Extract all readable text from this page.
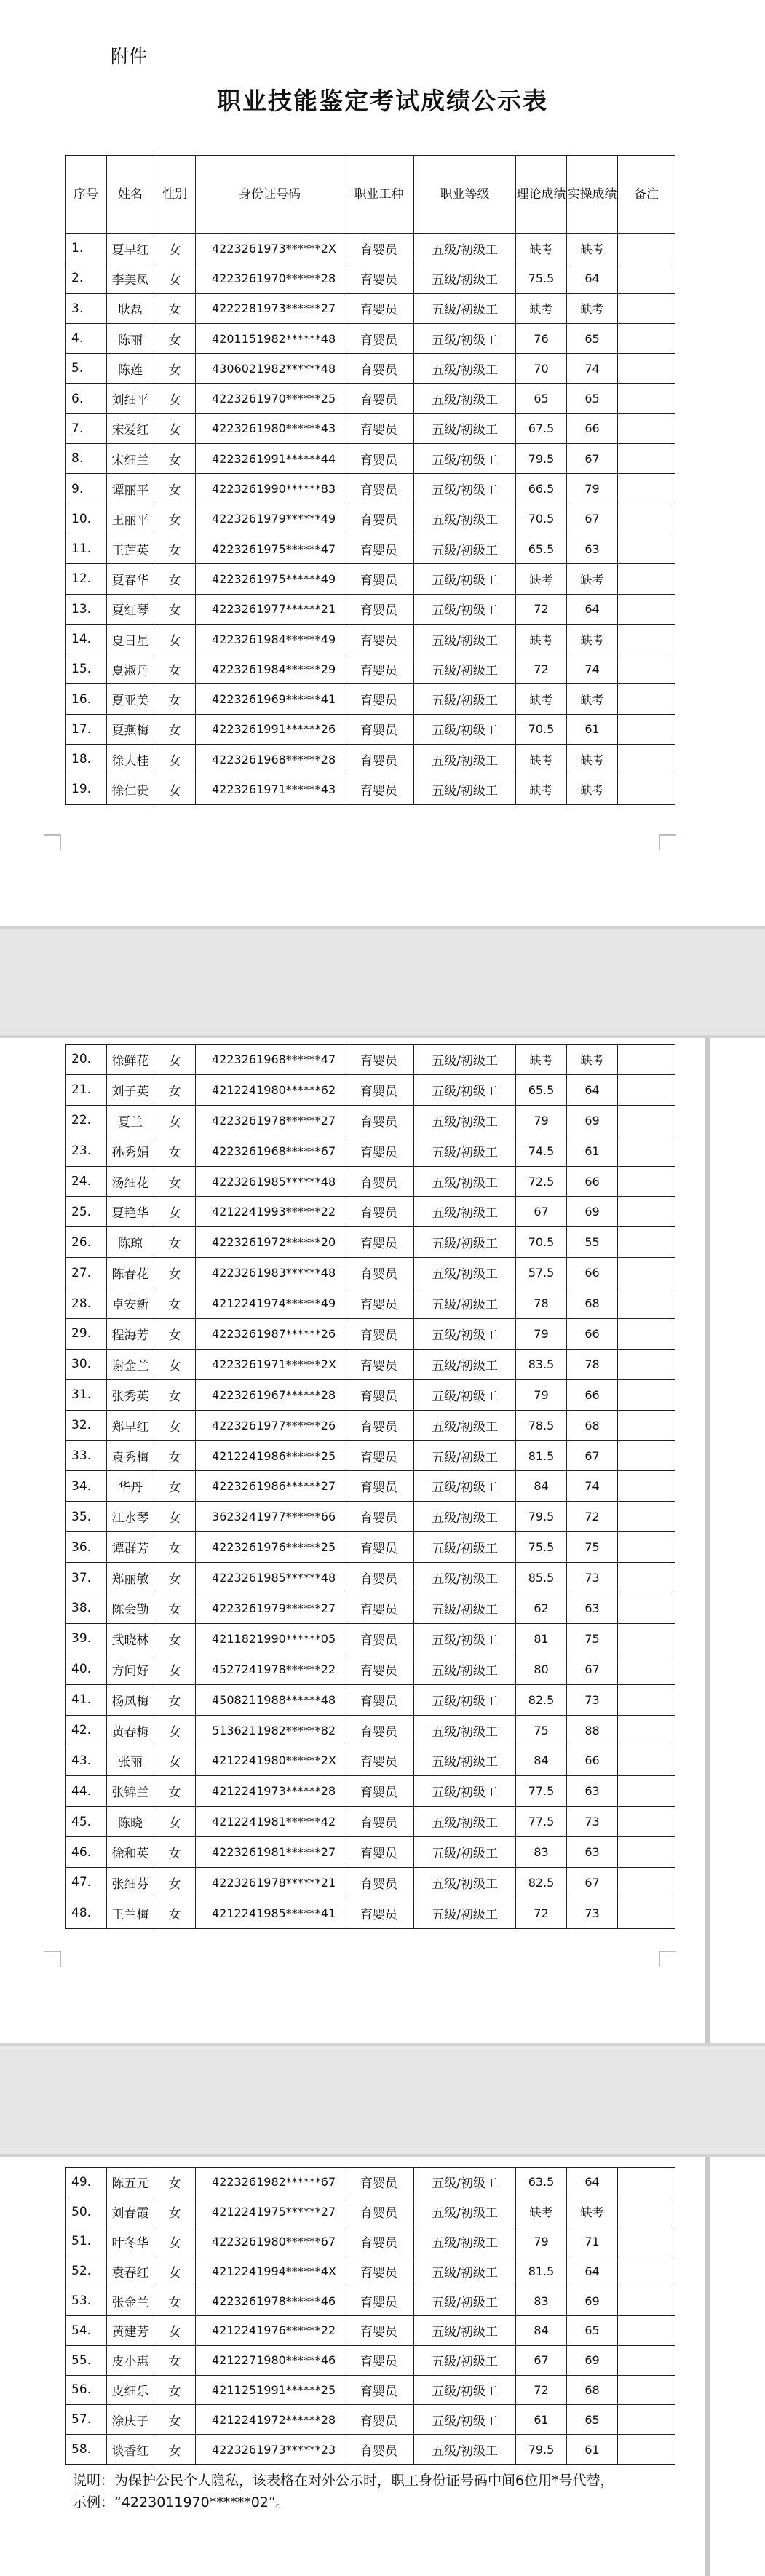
附件
职业技能鉴定考试成绩公示表
序号	姓名	性别	身份证号码	职业工种	职业等级	理论成绩	实操成绩	备注
1.	夏早红	女	4223261973******2X	育婴员	五级/初级工	缺考	缺考	
2.	李美凤	女	4223261970******28	育婴员	五级/初级工	75.5	64	
3.	耿磊	女	4222281973******27	育婴员	五级/初级工	缺考	缺考	
4.	陈丽	女	4201151982******48	育婴员	五级/初级工	76	65	
5.	陈莲	女	4306021982******48	育婴员	五级/初级工	70	74	
6.	刘细平	女	4223261970******25	育婴员	五级/初级工	65	65	
7.	宋爱红	女	4223261980******43	育婴员	五级/初级工	67.5	66	
8.	宋细兰	女	4223261991******44	育婴员	五级/初级工	79.5	67	
9.	谭丽平	女	4223261990******83	育婴员	五级/初级工	66.5	79	
10.	王丽平	女	4223261979******49	育婴员	五级/初级工	70.5	67	
11.	王莲英	女	4223261975******47	育婴员	五级/初级工	65.5	63	
12.	夏春华	女	4223261975******49	育婴员	五级/初级工	缺考	缺考	
13.	夏红琴	女	4223261977******21	育婴员	五级/初级工	72	64	
14.	夏日星	女	4223261984******49	育婴员	五级/初级工	缺考	缺考	
15.	夏淑丹	女	4223261984******29	育婴员	五级/初级工	72	74	
16.	夏亚美	女	4223261969******41	育婴员	五级/初级工	缺考	缺考	
17.	夏燕梅	女	4223261991******26	育婴员	五级/初级工	70.5	61	
18.	徐大桂	女	4223261968******28	育婴员	五级/初级工	缺考	缺考	
19.	徐仁贵	女	4223261971******43	育婴员	五级/初级工	缺考	缺考	
20.	徐鲜花	女	4223261968******47	育婴员	五级/初级工	缺考	缺考	
21.	刘子英	女	4212241980******62	育婴员	五级/初级工	65.5	64	
22.	夏兰	女	4223261978******27	育婴员	五级/初级工	79	69	
23.	孙秀娟	女	4223261968******67	育婴员	五级/初级工	74.5	61	
24.	汤细花	女	4223261985******48	育婴员	五级/初级工	72.5	66	
25.	夏艳华	女	4212241993******22	育婴员	五级/初级工	67	69	
26.	陈琼	女	4223261972******20	育婴员	五级/初级工	70.5	55	
27.	陈春花	女	4223261983******48	育婴员	五级/初级工	57.5	66	
28.	卓安新	女	4212241974******49	育婴员	五级/初级工	78	68	
29.	程海芳	女	4223261987******26	育婴员	五级/初级工	79	66	
30.	谢金兰	女	4223261971******2X	育婴员	五级/初级工	83.5	78	
31.	张秀英	女	4223261967******28	育婴员	五级/初级工	79	66	
32.	郑早红	女	4223261977******26	育婴员	五级/初级工	78.5	68	
33.	袁秀梅	女	4212241986******25	育婴员	五级/初级工	81.5	67	
34.	华丹	女	4223261986******27	育婴员	五级/初级工	84	74	
35.	江水琴	女	3623241977******66	育婴员	五级/初级工	79.5	72	
36.	谭群芳	女	4223261976******25	育婴员	五级/初级工	75.5	75	
37.	郑丽敏	女	4223261985******48	育婴员	五级/初级工	85.5	73	
38.	陈会勤	女	4223261979******27	育婴员	五级/初级工	62	63	
39.	武晓林	女	4211821990******05	育婴员	五级/初级工	81	75	
40.	方问好	女	4527241978******22	育婴员	五级/初级工	80	67	
41.	杨凤梅	女	4508211988******48	育婴员	五级/初级工	82.5	73	
42.	黄春梅	女	5136211982******82	育婴员	五级/初级工	75	88	
43.	张丽	女	4212241980******2X	育婴员	五级/初级工	84	66	
44.	张锦兰	女	4212241973******28	育婴员	五级/初级工	77.5	63	
45.	陈晓	女	4212241981******42	育婴员	五级/初级工	77.5	73	
46.	徐和英	女	4223261981******27	育婴员	五级/初级工	83	63	
47.	张细芬	女	4223261978******21	育婴员	五级/初级工	82.5	67	
48.	王兰梅	女	4212241985******41	育婴员	五级/初级工	72	73	
49.	陈五元	女	4223261982******67	育婴员	五级/初级工	63.5	64	
50.	刘春霞	女	4212241975******27	育婴员	五级/初级工	缺考	缺考	
51.	叶冬华	女	4223261980******67	育婴员	五级/初级工	79	71	
52.	袁春红	女	4212241994******4X	育婴员	五级/初级工	81.5	64	
53.	张金兰	女	4223261978******46	育婴员	五级/初级工	83	69	
54.	黄建芳	女	4212241976******22	育婴员	五级/初级工	84	65	
55.	皮小惠	女	4212271980******46	育婴员	五级/初级工	67	69	
56.	皮细乐	女	4211251991******25	育婴员	五级/初级工	72	68	
57.	涂庆子	女	4212241972******28	育婴员	五级/初级工	61	65	
58.	谈香红	女	4223261973******23	育婴员	五级/初级工	79.5	61	
说明：为保护公民个人隐私，该表格在对外公示时，职工身份证号码中间6位用*号代替，
示例：“4223011970******02”。
